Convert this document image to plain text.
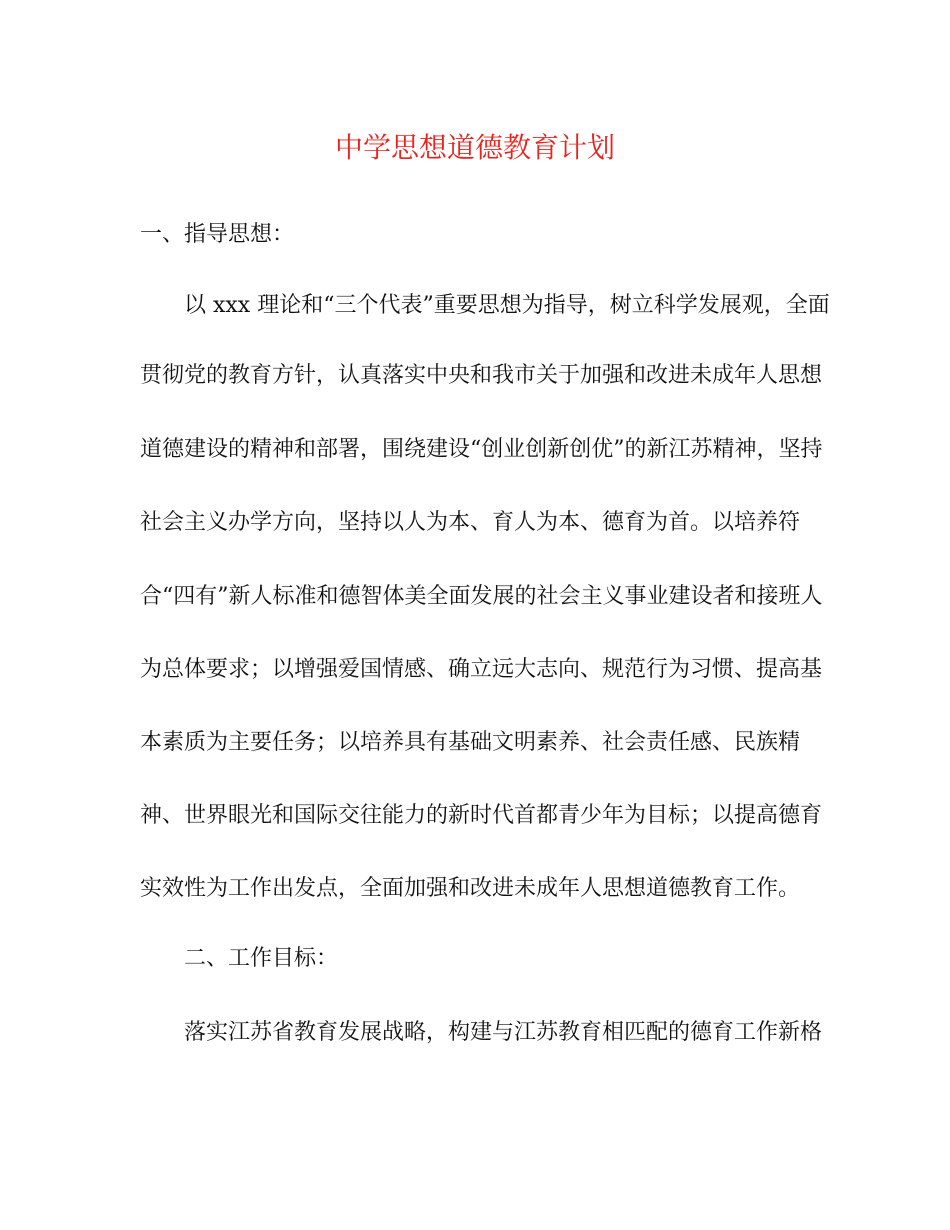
中学思想道德教育计划

一、指导思想：

以 xxx 理论和“三个代表”重要思想为指导，树立科学发展观，全面

贯彻党的教育方针，认真落实中央和我市关于加强和改进未成年人思想

道德建设的精神和部署，围绕建设“创业创新创优”的新江苏精神，坚持

社会主义办学方向，坚持以人为本、育人为本、德育为首。以培养符

合“四有”新人标准和德智体美全面发展的社会主义事业建设者和接班人

为总体要求；以增强爱国情感、确立远大志向、规范行为习惯、提高基

本素质为主要任务；以培养具有基础文明素养、社会责任感、民族精

神、世界眼光和国际交往能力的新时代首都青少年为目标；以提高德育

实效性为工作出发点，全面加强和改进未成年人思想道德教育工作。

二、工作目标：

落实江苏省教育发展战略，构建与江苏教育相匹配的德育工作新格
